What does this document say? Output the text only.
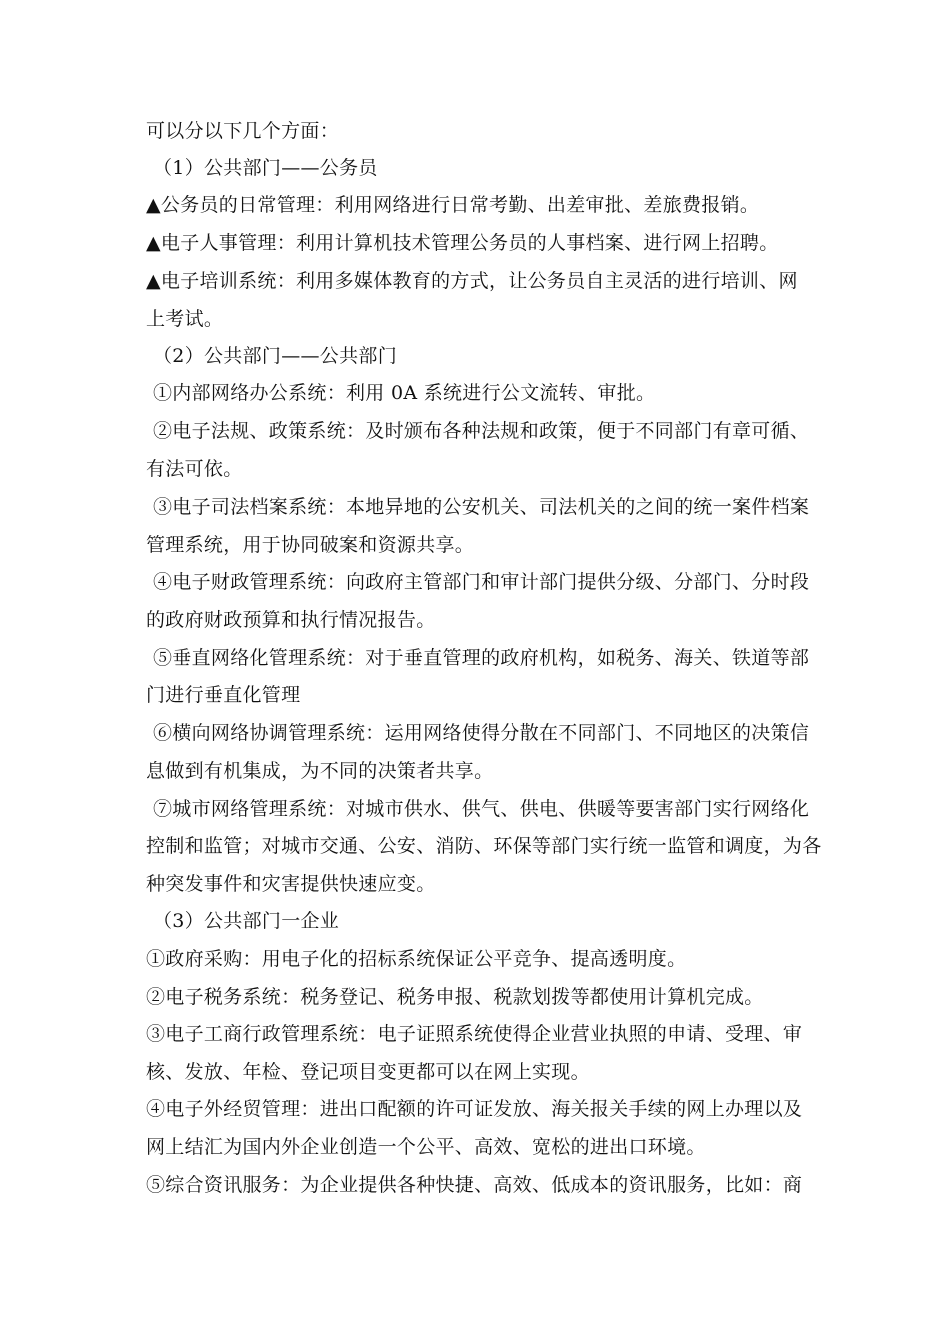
可以分以下几个方面：
（1）公共部门——公务员
▲公务员的日常管理：利用网络进行日常考勤、出差审批、差旅费报销。
▲电子人事管理：利用计算机技术管理公务员的人事档案、进行网上招聘。
▲电子培训系统：利用多媒体教育的方式，让公务员自主灵活的进行培训、网
上考试。
（2）公共部门——公共部门
①内部网络办公系统：利用 0A 系统进行公文流转、审批。
②电子法规、政策系统：及时颁布各种法规和政策，便于不同部门有章可循、
有法可依。
③电子司法档案系统：本地异地的公安机关、司法机关的之间的统一案件档案
管理系统，用于协同破案和资源共享。
④电子财政管理系统：向政府主管部门和审计部门提供分级、分部门、分时段
的政府财政预算和执行情况报告。
⑤垂直网络化管理系统：对于垂直管理的政府机构，如税务、海关、铁道等部
门进行垂直化管理
⑥横向网络协调管理系统：运用网络使得分散在不同部门、不同地区的决策信
息做到有机集成，为不同的决策者共享。
⑦城市网络管理系统：对城市供水、供气、供电、供暖等要害部门实行网络化
控制和监管；对城市交通、公安、消防、环保等部门实行统一监管和调度，为各
种突发事件和灾害提供快速应变。
（3）公共部门一企业
①政府采购：用电子化的招标系统保证公平竞争、提高透明度。
②电子税务系统：税务登记、税务申报、税款划拨等都使用计算机完成。
③电子工商行政管理系统：电子证照系统使得企业营业执照的申请、受理、审
核、发放、年检、登记项目变更都可以在网上实现。
④电子外经贸管理：进出口配额的许可证发放、海关报关手续的网上办理以及
网上结汇为国内外企业创造一个公平、高效、宽松的进出口环境。
⑤综合资讯服务：为企业提供各种快捷、高效、低成本的资讯服务，比如：商
